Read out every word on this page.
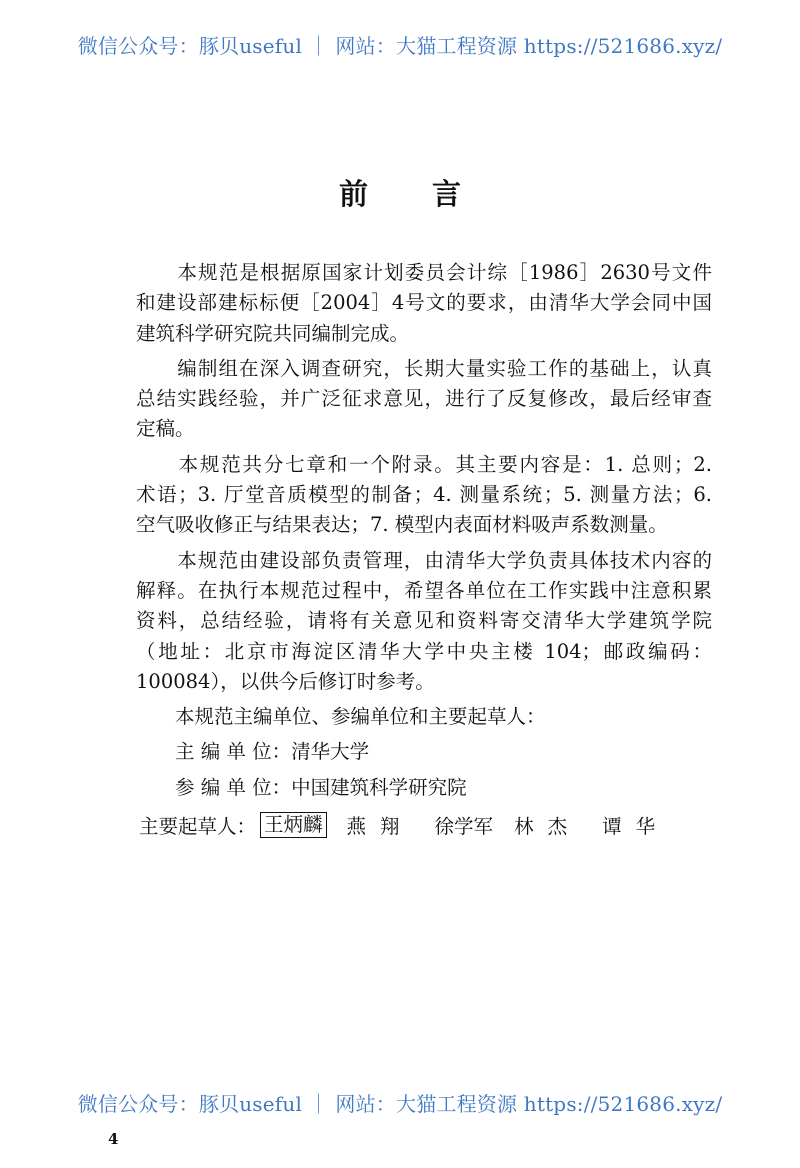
微信公众号：豚贝useful ｜ 网站：大猫工程资源 https://521686.xyz/
前言
　　本规范是根据原国家计划委员会计综［1986］2630号文件
和建设部建标标便［2004］4号文的要求，由清华大学会同中国
建筑科学研究院共同编制完成。
　　编制组在深入调查研究，长期大量实验工作的基础上，认真
总结实践经验，并广泛征求意见，进行了反复修改，最后经审查
定稿。
　　本规范共分七章和一个附录。其主要内容是：1. 总则；2.
术语；3. 厅堂音质模型的制备；4. 测量系统；5. 测量方法；6.
空气吸收修正与结果表达；7. 模型内表面材料吸声系数测量。
　　本规范由建设部负责管理，由清华大学负责具体技术内容的
解释。在执行本规范过程中，希望各单位在工作实践中注意积累
资料，总结经验，请将有关意见和资料寄交清华大学建筑学院
（地址：北京市海淀区清华大学中央主楼 104；邮政编码：
100084），以供今后修订时参考。
　　本规范主编单位、参编单位和主要起草人：
　　主 编 单 位：清华大学
　　参 编 单 位：中国建筑科学研究院
　　主要起草人： 王炳麟 燕翔 徐学军 林杰 谭华
微信公众号：豚贝useful ｜ 网站：大猫工程资源 https://521686.xyz/
4
